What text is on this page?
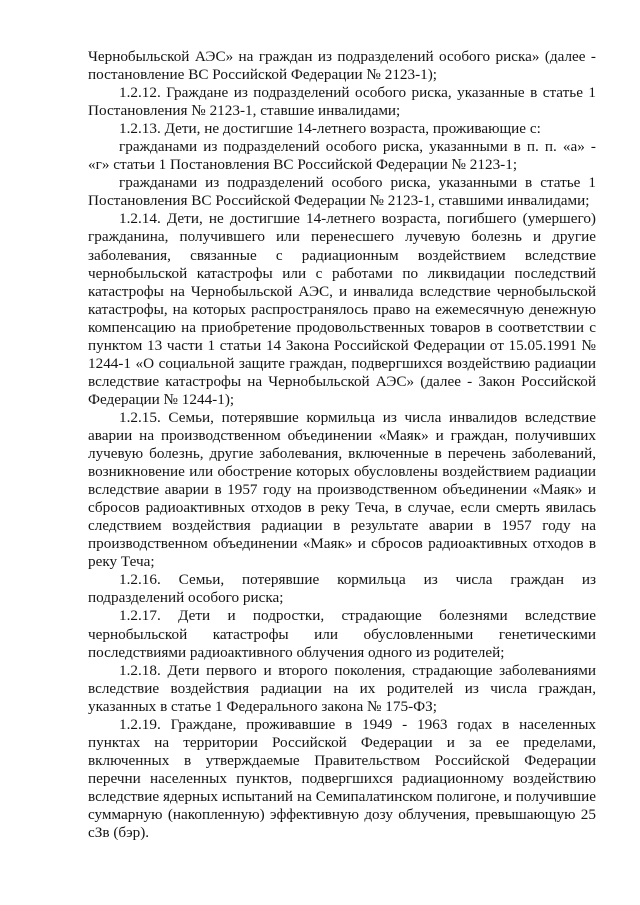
Чернобыльской АЭС» на граждан из подразделений особого риска» (далее - постановление ВС Российской Федерации № 2123-1);

1.2.12. Граждане из подразделений особого риска, указанные в статье 1 Постановления № 2123-1, ставшие инвалидами;

1.2.13. Дети, не достигшие 14-летнего возраста, проживающие с:

гражданами из подразделений особого риска, указанными в п. п. «а» - «г» статьи 1 Постановления ВС Российской Федерации № 2123-1;

гражданами из подразделений особого риска, указанными в статье 1 Постановления ВС Российской Федерации № 2123-1, ставшими инвалидами;

1.2.14. Дети, не достигшие 14-летнего возраста, погибшего (умершего) гражданина, получившего или перенесшего лучевую болезнь и другие заболевания, связанные с радиационным воздействием вследствие чернобыльской катастрофы или с работами по ликвидации последствий катастрофы на Чернобыльской АЭС, и инвалида вследствие чернобыльской катастрофы, на которых распространялось право на ежемесячную денежную компенсацию на приобретение продовольственных товаров в соответствии с пунктом 13 части 1 статьи 14 Закона Российской Федерации от 15.05.1991 № 1244-1 «О социальной защите граждан, подвергшихся воздействию радиации вследствие катастрофы на Чернобыльской АЭС» (далее - Закон Российской Федерации № 1244-1);

1.2.15. Семьи, потерявшие кормильца из числа инвалидов вследствие аварии на производственном объединении «Маяк» и граждан, получивших лучевую болезнь, другие заболевания, включенные в перечень заболеваний, возникновение или обострение которых обусловлены воздействием радиации вследствие аварии в 1957 году на производственном объединении «Маяк» и сбросов радиоактивных отходов в реку Теча, в случае, если смерть явилась следствием воздействия радиации в результате аварии в 1957 году на производственном объединении «Маяк» и сбросов радиоактивных отходов в реку Теча;

1.2.16. Семьи, потерявшие кормильца из числа граждан из подразделений особого риска;

1.2.17. Дети и подростки, страдающие болезнями вследствие чернобыльской катастрофы или обусловленными генетическими последствиями радиоактивного облучения одного из родителей;

1.2.18. Дети первого и второго поколения, страдающие заболеваниями вследствие воздействия радиации на их родителей из числа граждан, указанных в статье 1 Федерального закона № 175-ФЗ;

1.2.19. Граждане, проживавшие в 1949 - 1963 годах в населенных пунктах на территории Российской Федерации и за ее пределами, включенных в утверждаемые Правительством Российской Федерации перечни населенных пунктов, подвергшихся радиационному воздействию вследствие ядерных испытаний на Семипалатинском полигоне, и получившие суммарную (накопленную) эффективную дозу облучения, превышающую 25 сЗв (бэр).
